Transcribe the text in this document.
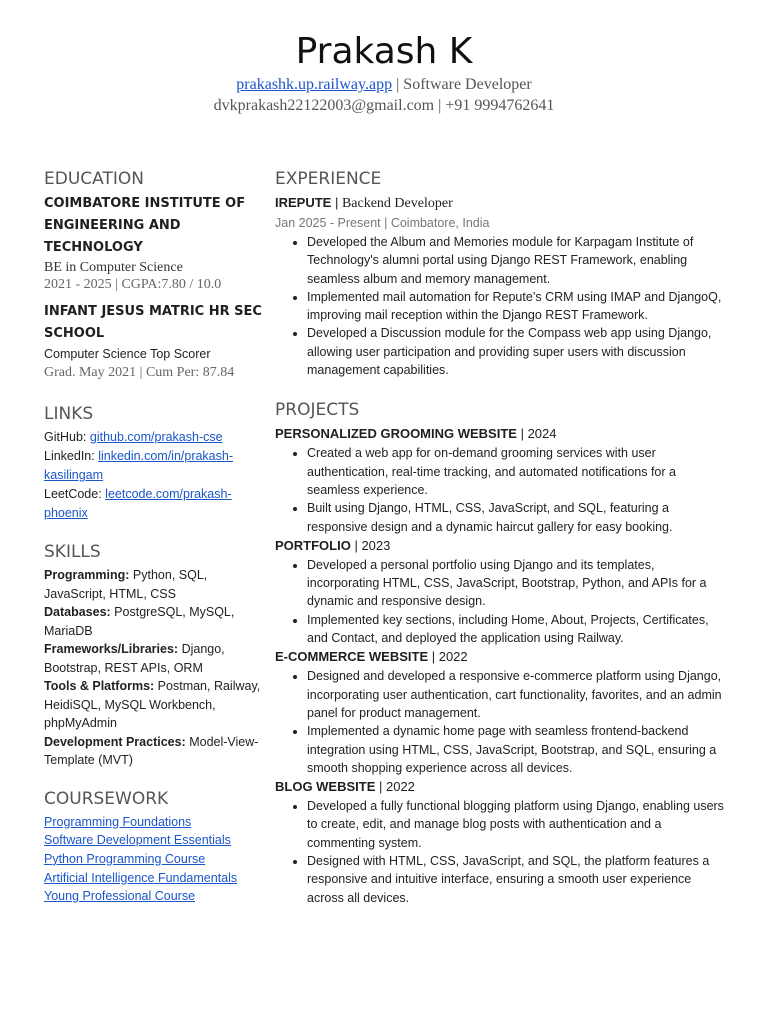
Prakash K
prakashk.up.railway.app | Software Developer
dvkprakash22122003@gmail.com | +91 9994762641
EDUCATION
COIMBATORE INSTITUTE OF
ENGINEERING AND
TECHNOLOGY
BE in Computer Science
2021 - 2025 | CGPA:7.80 / 10.0
INFANT JESUS MATRIC HR SEC
SCHOOL
Computer Science Top Scorer
Grad. May 2021 | Cum Per: 87.84
LINKS
GitHub: github.com/prakash-cse
LinkedIn: linkedin.com/in/prakash-
kasilingam
LeetCode: leetcode.com/prakash-
phoenix
SKILLS
Programming: Python, SQL, JavaScript, HTML, CSS
Databases: PostgreSQL, MySQL, MariaDB
Frameworks/Libraries: Django, Bootstrap, REST APIs, ORM
Tools & Platforms: Postman, Railway, HeidiSQL, MySQL Workbench, phpMyAdmin
Development Practices: Model-View-Template (MVT)
COURSEWORK
Programming Foundations
Software Development Essentials
Python Programming Course
Artificial Intelligence Fundamentals
Young Professional Course
EXPERIENCE
IREPUTE | Backend Developer
Jan 2025 - Present | Coimbatore, India
• Developed the Album and Memories module for Karpagam Institute of Technology's alumni portal using Django REST Framework, enabling seamless album and memory management.
• Implemented mail automation for Repute’s CRM using IMAP and DjangoQ, improving mail reception within the Django REST Framework.
• Developed a Discussion module for the Compass web app using Django, allowing user participation and providing super users with discussion management capabilities.
PROJECTS
PERSONALIZED GROOMING WEBSITE | 2024
• Created a web app for on-demand grooming services with user authentication, real-time tracking, and automated notifications for a seamless experience.
• Built using Django, HTML, CSS, JavaScript, and SQL, featuring a responsive design and a dynamic haircut gallery for easy booking.
PORTFOLIO | 2023
• Developed a personal portfolio using Django and its templates, incorporating HTML, CSS, JavaScript, Bootstrap, Python, and APIs for a dynamic and responsive design.
• Implemented key sections, including Home, About, Projects, Certificates, and Contact, and deployed the application using Railway.
E-COMMERCE WEBSITE | 2022
• Designed and developed a responsive e-commerce platform using Django, incorporating user authentication, cart functionality, favorites, and an admin panel for product management.
• Implemented a dynamic home page with seamless frontend-backend integration using HTML, CSS, JavaScript, Bootstrap, and SQL, ensuring a smooth shopping experience across all devices.
BLOG WEBSITE | 2022
• Developed a fully functional blogging platform using Django, enabling users to create, edit, and manage blog posts with authentication and a commenting system.
• Designed with HTML, CSS, JavaScript, and SQL, the platform features a responsive and intuitive interface, ensuring a smooth user experience across all devices.
